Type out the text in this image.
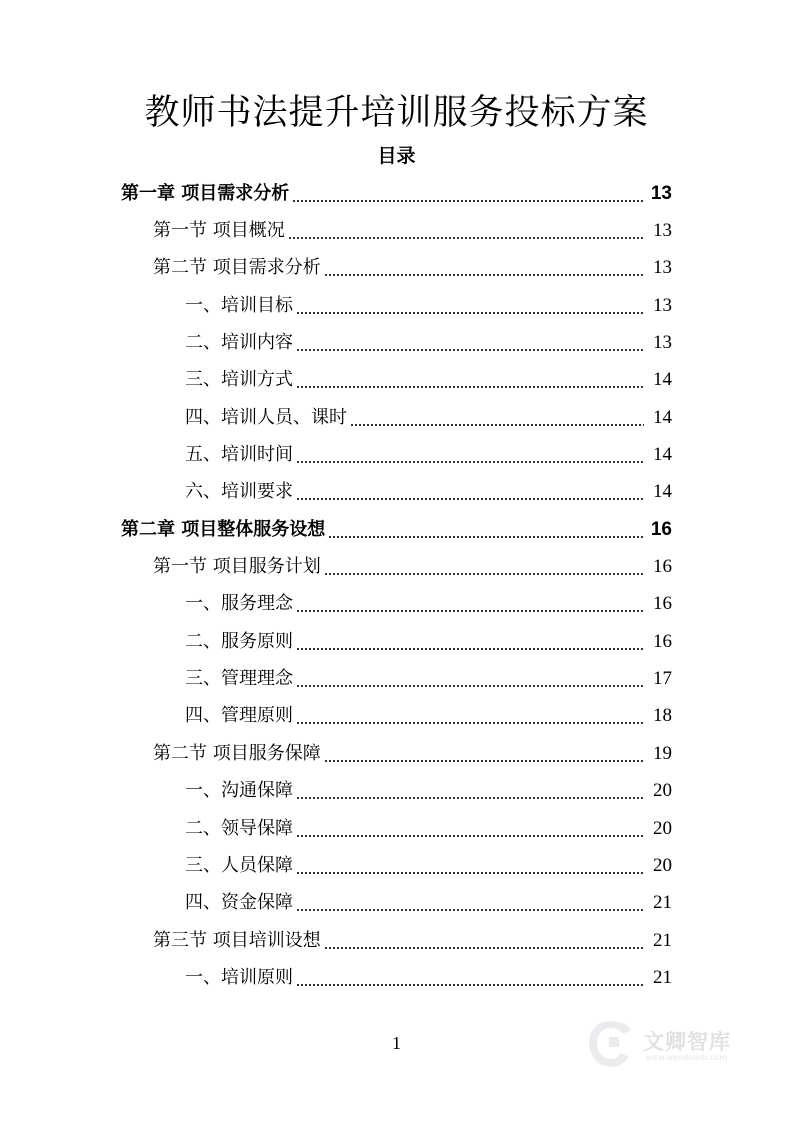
教师书法提升培训服务投标方案
目录
第一章 项目需求分析	13
第一节 项目概况	13
第二节 项目需求分析	13
一、培训目标	13
二、培训内容	13
三、培训方式	14
四、培训人员、课时	14
五、培训时间	14
六、培训要求	14
第二章 项目整体服务设想	16
第一节 项目服务计划	16
一、服务理念	16
二、服务原则	16
三、管理理念	17
四、管理原则	18
第二节 项目服务保障	19
一、沟通保障	20
二、领导保障	20
三、人员保障	20
四、资金保障	21
第三节 项目培训设想	21
一、培训原则	21
1	文卿智库
www.wendoulib.com
